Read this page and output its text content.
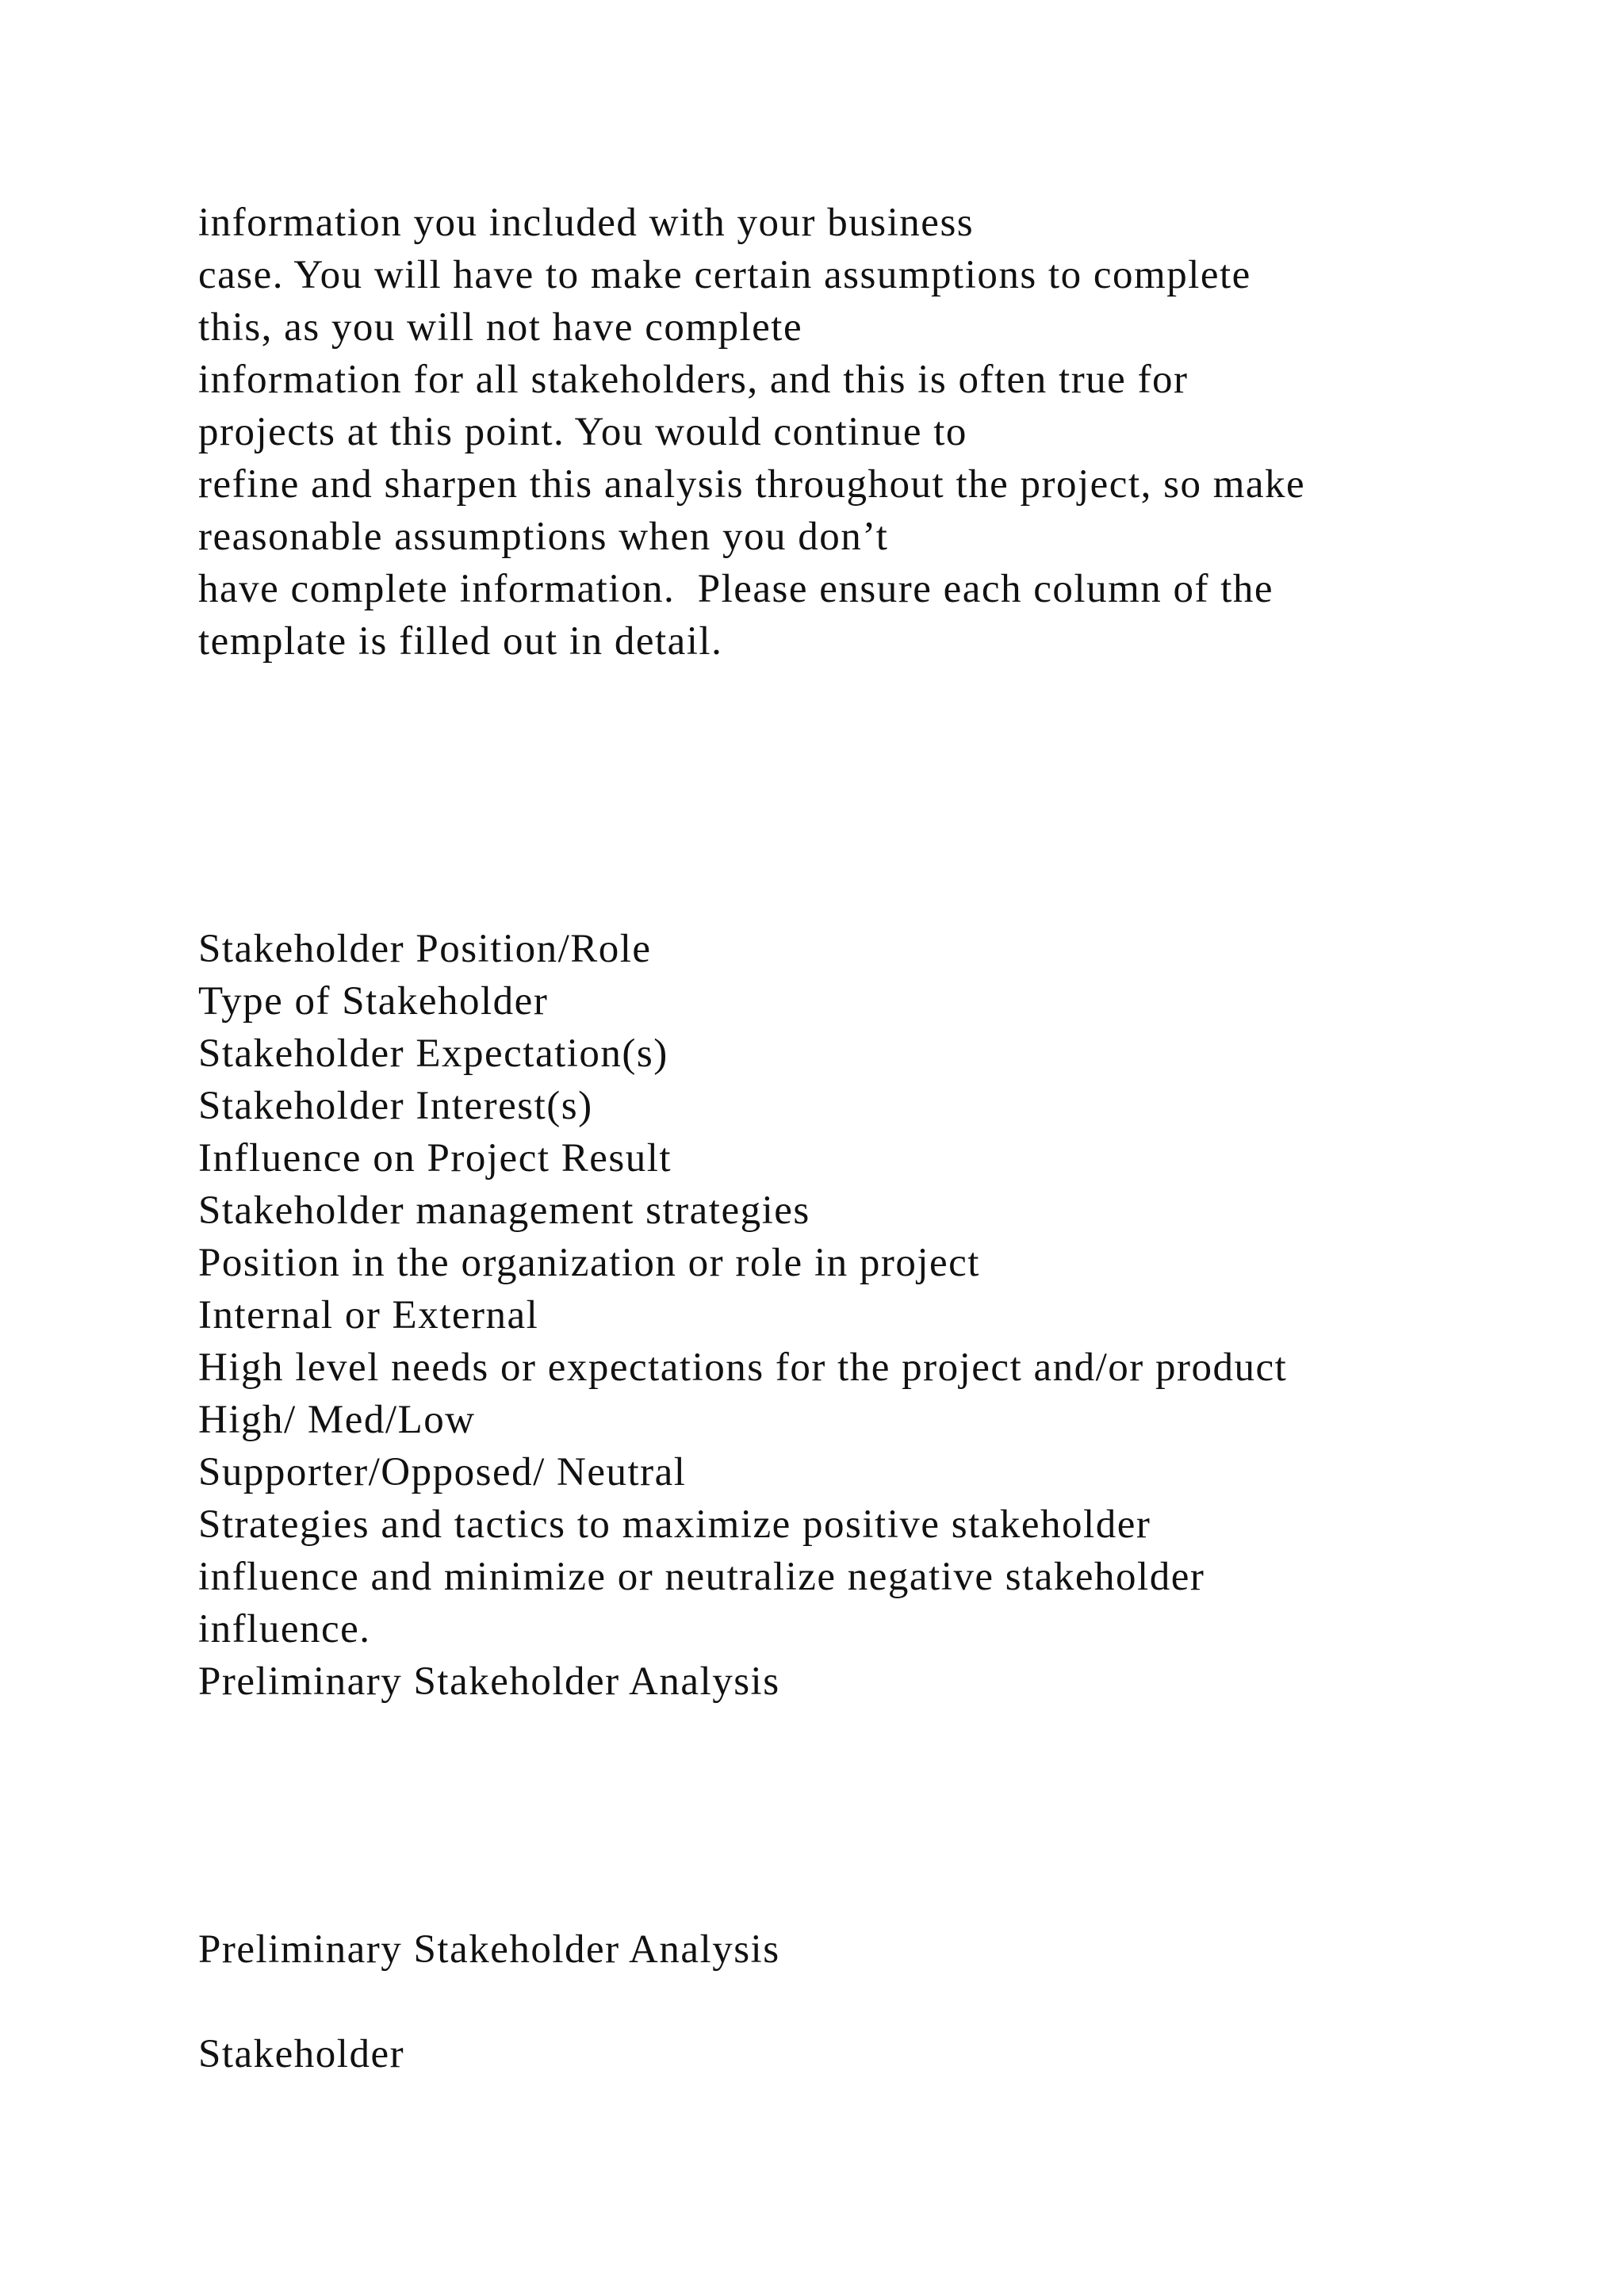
information you included with your business
case. You will have to make certain assumptions to complete
this, as you will not have complete
information for all stakeholders, and this is often true for
projects at this point. You would continue to
refine and sharpen this analysis throughout the project, so make
reasonable assumptions when you don’t
have complete information.  Please ensure each column of the
template is filled out in detail.
Stakeholder Position/Role
Type of Stakeholder
Stakeholder Expectation(s)
Stakeholder Interest(s)
Influence on Project Result
Stakeholder management strategies
Position in the organization or role in project
Internal or External
High level needs or expectations for the project and/or product
High/ Med/Low
Supporter/Opposed/ Neutral
Strategies and tactics to maximize positive stakeholder
influence and minimize or neutralize negative stakeholder
influence.
Preliminary Stakeholder Analysis
Preliminary Stakeholder Analysis
Stakeholder
